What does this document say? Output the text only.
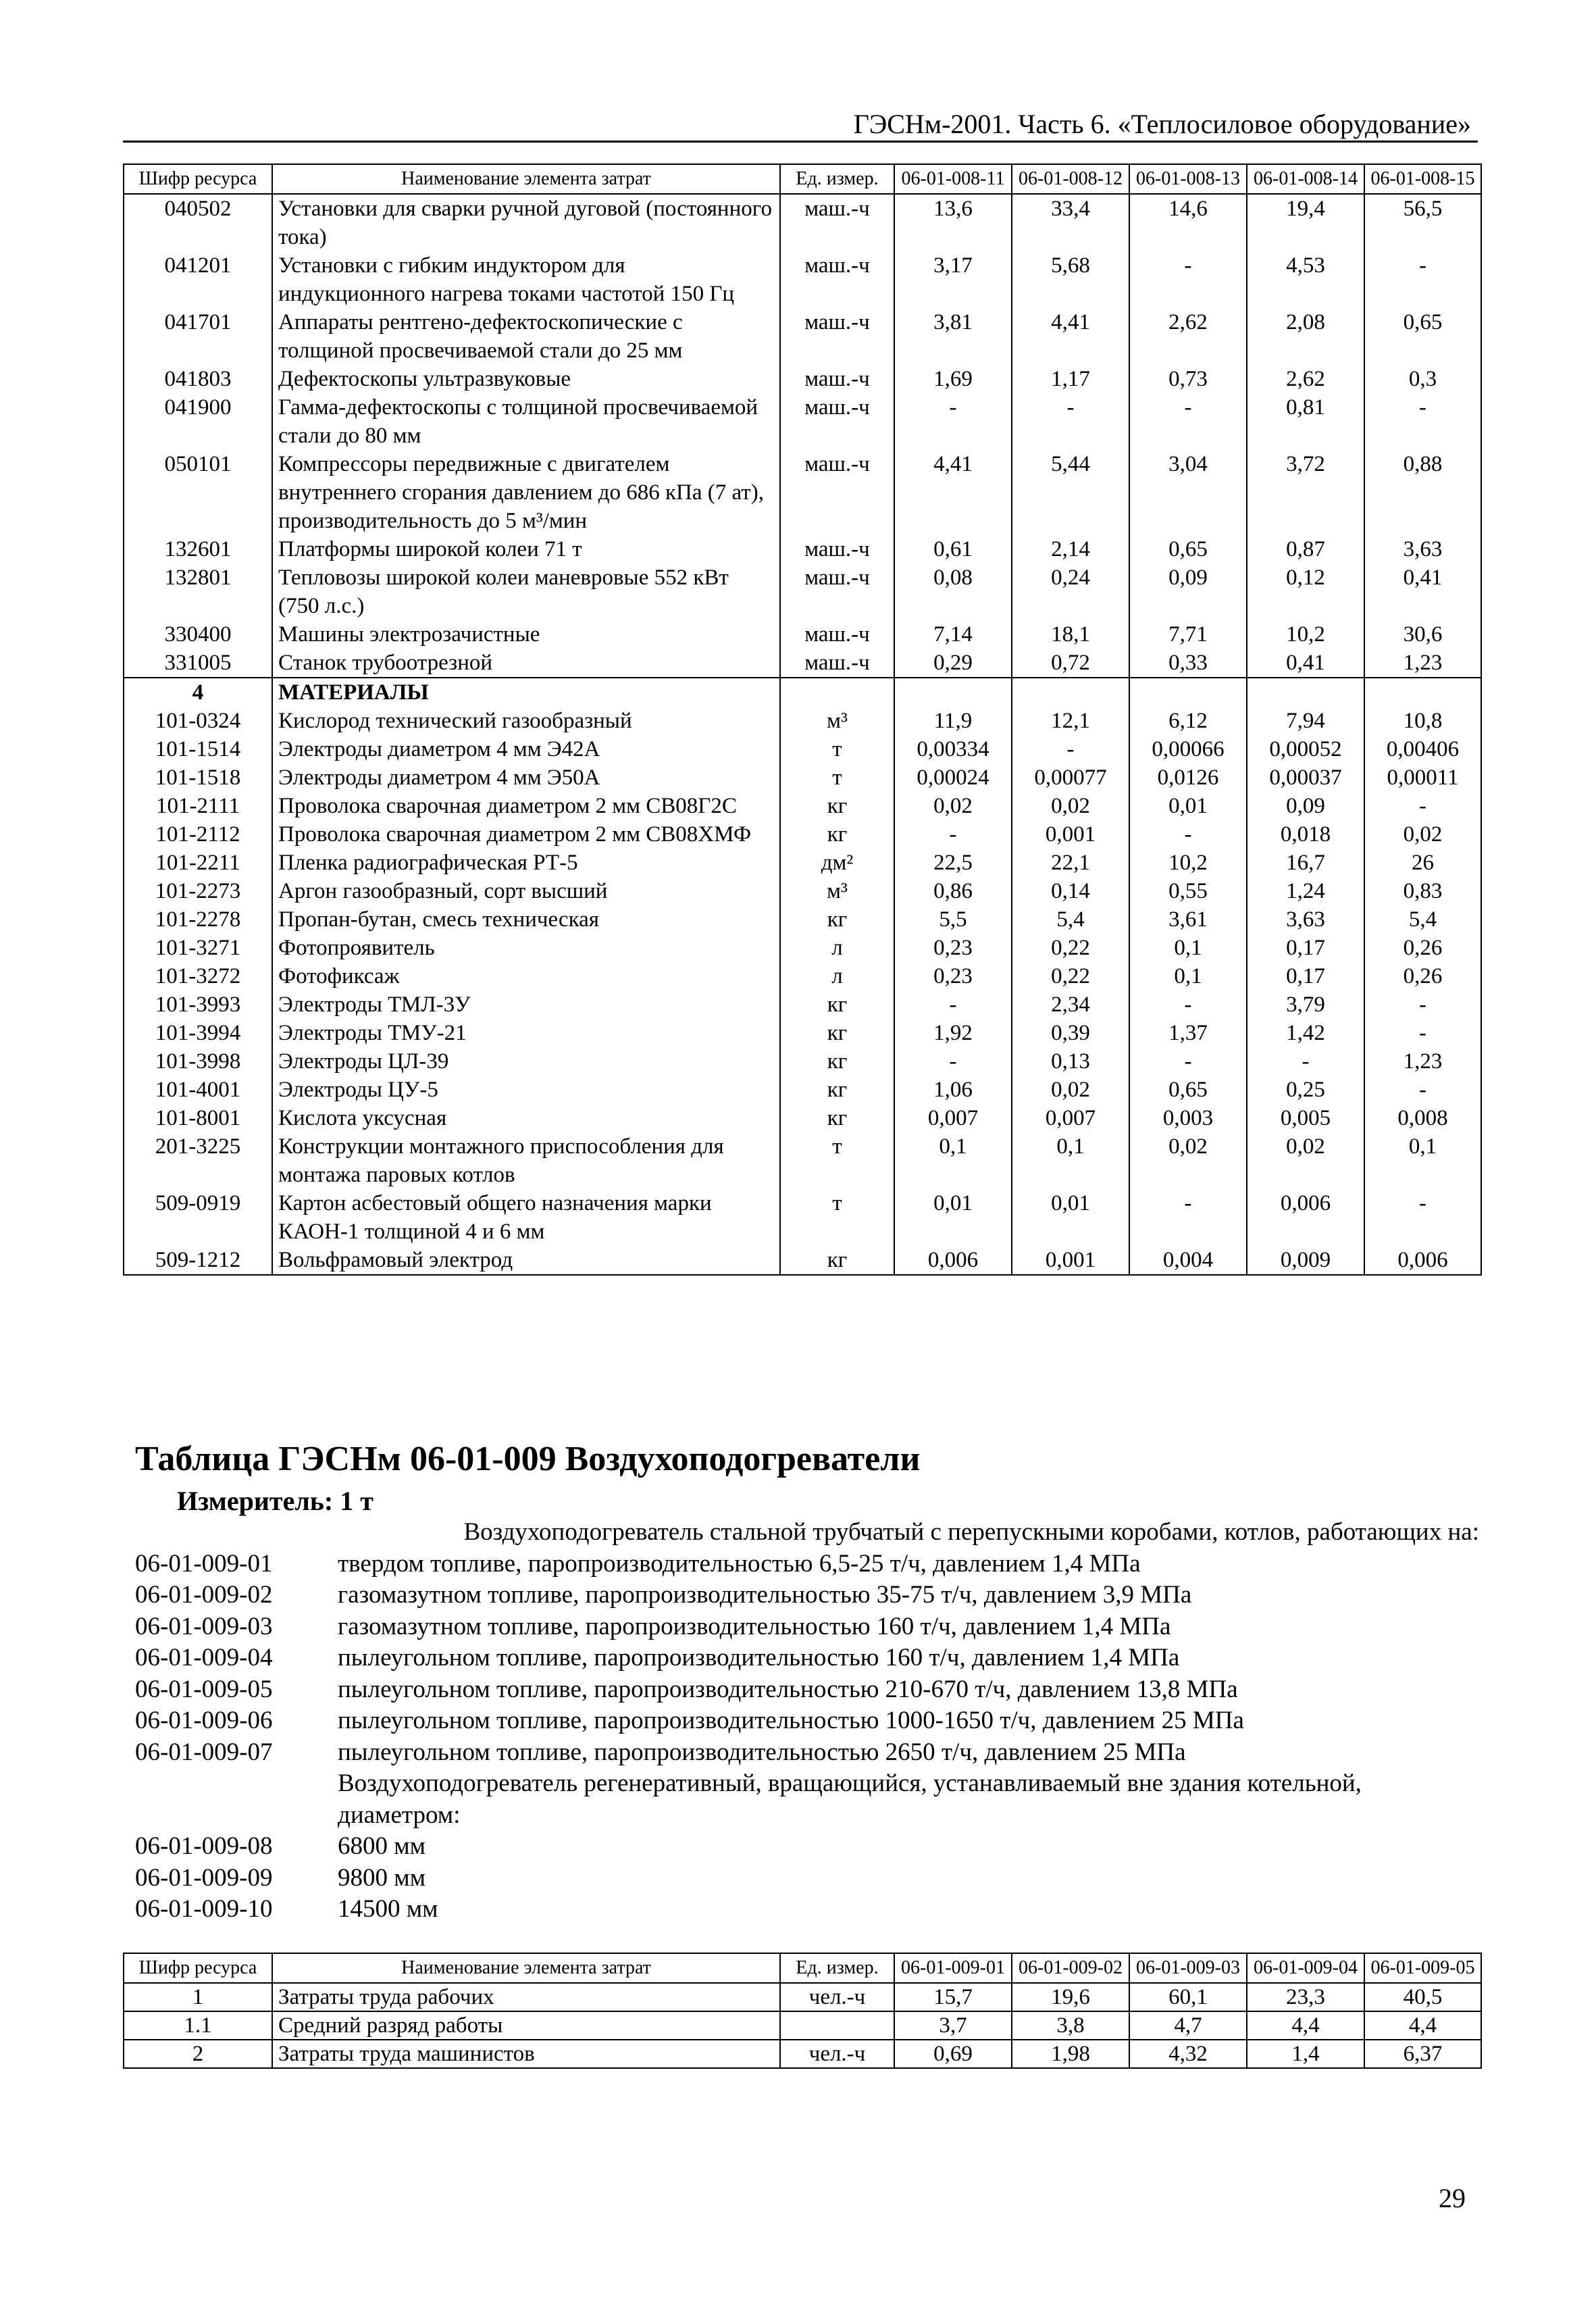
ГЭСНм-2001. Часть 6. «Теплосиловое оборудование»
Шифр ресурса	Наименование элемента затрат	Ед. измер.	06-01-008-11	06-01-008-12	06-01-008-13	06-01-008-14	06-01-008-15
040502	Установки для сварки ручной дуговой (постоянного тока)	маш.-ч	13,6	33,4	14,6	19,4	56,5
041201	Установки с гибким индуктором для индукционного нагрева токами частотой 150 Гц	маш.-ч	3,17	5,68	-	4,53	-
041701	Аппараты рентгено-дефектоскопические с толщиной просвечиваемой стали до 25 мм	маш.-ч	3,81	4,41	2,62	2,08	0,65
041803	Дефектоскопы ультразвуковые	маш.-ч	1,69	1,17	0,73	2,62	0,3
041900	Гамма-дефектоскопы с толщиной просвечиваемой стали до 80 мм	маш.-ч	-	-	-	0,81	-
050101	Компрессоры передвижные с двигателем внутреннего сгорания давлением до 686 кПа (7 ат), производительность до 5 м³/мин	маш.-ч	4,41	5,44	3,04	3,72	0,88
132601	Платформы широкой колеи 71 т	маш.-ч	0,61	2,14	0,65	0,87	3,63
132801	Тепловозы широкой колеи маневровые 552 кВт (750 л.с.)	маш.-ч	0,08	0,24	0,09	0,12	0,41
330400	Машины электрозачистные	маш.-ч	7,14	18,1	7,71	10,2	30,6
331005	Станок трубоотрезной	маш.-ч	0,29	0,72	0,33	0,41	1,23
4	МАТЕРИАЛЫ						
101-0324	Кислород технический газообразный	м³	11,9	12,1	6,12	7,94	10,8
101-1514	Электроды диаметром 4 мм Э42А	т	0,00334	-	0,00066	0,00052	0,00406
101-1518	Электроды диаметром 4 мм Э50А	т	0,00024	0,00077	0,0126	0,00037	0,00011
101-2111	Проволока сварочная диаметром 2 мм СВ08Г2С	кг	0,02	0,02	0,01	0,09	-
101-2112	Проволока сварочная диаметром 2 мм СВ08ХМФ	кг	-	0,001	-	0,018	0,02
101-2211	Пленка радиографическая РТ-5	дм²	22,5	22,1	10,2	16,7	26
101-2273	Аргон газообразный, сорт высший	м³	0,86	0,14	0,55	1,24	0,83
101-2278	Пропан-бутан, смесь техническая	кг	5,5	5,4	3,61	3,63	5,4
101-3271	Фотопроявитель	л	0,23	0,22	0,1	0,17	0,26
101-3272	Фотофиксаж	л	0,23	0,22	0,1	0,17	0,26
101-3993	Электроды ТМЛ-3У	кг	-	2,34	-	3,79	-
101-3994	Электроды ТМУ-21	кг	1,92	0,39	1,37	1,42	-
101-3998	Электроды ЦЛ-39	кг	-	0,13	-	-	1,23
101-4001	Электроды ЦУ-5	кг	1,06	0,02	0,65	0,25	-
101-8001	Кислота уксусная	кг	0,007	0,007	0,003	0,005	0,008
201-3225	Конструкции монтажного приспособления для монтажа паровых котлов	т	0,1	0,1	0,02	0,02	0,1
509-0919	Картон асбестовый общего назначения марки КАОН-1 толщиной 4 и 6 мм	т	0,01	0,01	-	0,006	-
509-1212	Вольфрамовый электрод	кг	0,006	0,001	0,004	0,009	0,006
Таблица ГЭСНм 06-01-009 Воздухоподогреватели
Измеритель: 1 т
Воздухоподогреватель стальной трубчатый с перепускными коробами, котлов, работающих на:
06-01-009-01	твердом топливе, паропроизводительностью 6,5-25 т/ч, давлением 1,4 МПа
06-01-009-02	газомазутном топливе, паропроизводительностью 35-75 т/ч, давлением 3,9 МПа
06-01-009-03	газомазутном топливе, паропроизводительностью 160 т/ч, давлением 1,4 МПа
06-01-009-04	пылеугольном топливе, паропроизводительностью 160 т/ч, давлением 1,4 МПа
06-01-009-05	пылеугольном топливе, паропроизводительностью 210-670 т/ч, давлением 13,8 МПа
06-01-009-06	пылеугольном топливе, паропроизводительностью 1000-1650 т/ч, давлением 25 МПа
06-01-009-07	пылеугольном топливе, паропроизводительностью 2650 т/ч, давлением 25 МПа
Воздухоподогреватель регенеративный, вращающийся, устанавливаемый вне здания котельной, диаметром:
06-01-009-08	6800 мм
06-01-009-09	9800 мм
06-01-009-10	14500 мм
Шифр ресурса	Наименование элемента затрат	Ед. измер.	06-01-009-01	06-01-009-02	06-01-009-03	06-01-009-04	06-01-009-05
1	Затраты труда рабочих	чел.-ч	15,7	19,6	60,1	23,3	40,5
1.1	Средний разряд работы		3,7	3,8	4,7	4,4	4,4
2	Затраты труда машинистов	чел.-ч	0,69	1,98	4,32	1,4	6,37
29
